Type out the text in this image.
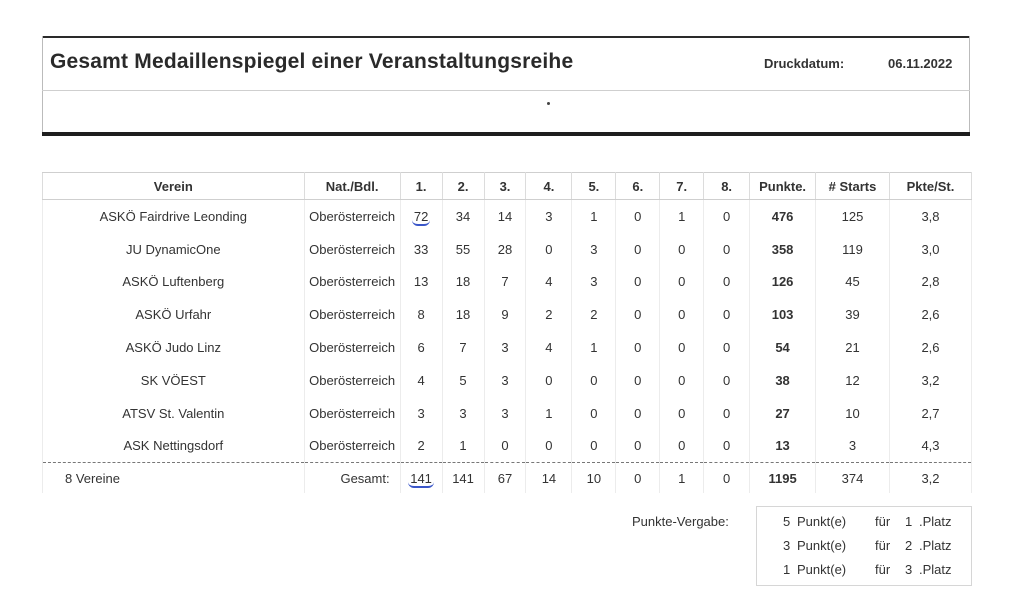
Gesamt Medaillenspiegel einer Veranstaltungsreihe	Druckdatum:	06.11.2022
Verein	Nat./Bdl.	1.	2.	3.	4.	5.	6.	7.	8.	Punkte.	# Starts	Pkte/St.
ASKÖ Fairdrive Leonding	Oberösterreich	72	34	14	3	1	0	1	0	476	125	3,8
JU DynamicOne	Oberösterreich	33	55	28	0	3	0	0	0	358	119	3,0
ASKÖ Luftenberg	Oberösterreich	13	18	7	4	3	0	0	0	126	45	2,8
ASKÖ Urfahr	Oberösterreich	8	18	9	2	2	0	0	0	103	39	2,6
ASKÖ Judo Linz	Oberösterreich	6	7	3	4	1	0	0	0	54	21	2,6
SK VÖEST	Oberösterreich	4	5	3	0	0	0	0	0	38	12	3,2
ATSV St. Valentin	Oberösterreich	3	3	3	1	0	0	0	0	27	10	2,7
ASK Nettingsdorf	Oberösterreich	2	1	0	0	0	0	0	0	13	3	4,3
8 Vereine	Gesamt:	141	141	67	14	10	0	1	0	1195	374	3,2
Punkte-Vergabe:	5 Punkt(e) für 1 .Platz
3 Punkt(e) für 2 .Platz
1 Punkt(e) für 3 .Platz
